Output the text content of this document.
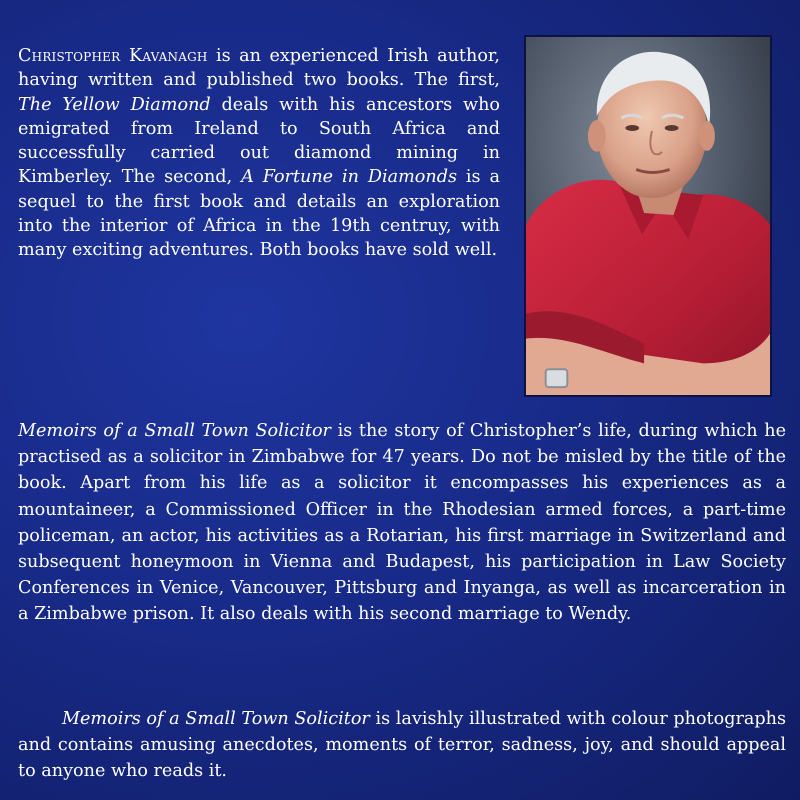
Christopher Kavanagh is an experienced Irish author, having written and published two books. The first, The Yellow Diamond deals with his ancestors who emigrated from Ireland to South Africa and successfully carried out diamond mining in Kimberley. The second, A Fortune in Diamonds is a sequel to the first book and details an exploration into the interior of Africa in the 19th centruy, with many exciting adventures. Both books have sold well.

Memoirs of a Small Town Solicitor is the story of Christopher’s life, during which he practised as a solicitor in Zimbabwe for 47 years. Do not be misled by the title of the book. Apart from his life as a solicitor it encompasses his experiences as a mountaineer, a Commissioned Officer in the Rhodesian armed forces, a part-time policeman, an actor, his activities as a Rotarian, his first marriage in Switzerland and subsequent honeymoon in Vienna and Budapest, his participation in Law Society Conferences in Venice, Vancouver, Pittsburg and Inyanga, as well as incarceration in a Zimbabwe prison. It also deals with his second marriage to Wendy.

Memoirs of a Small Town Solicitor is lavishly illustrated with colour photographs and contains amusing anecdotes, moments of terror, sadness, joy, and should appeal to anyone who reads it.
